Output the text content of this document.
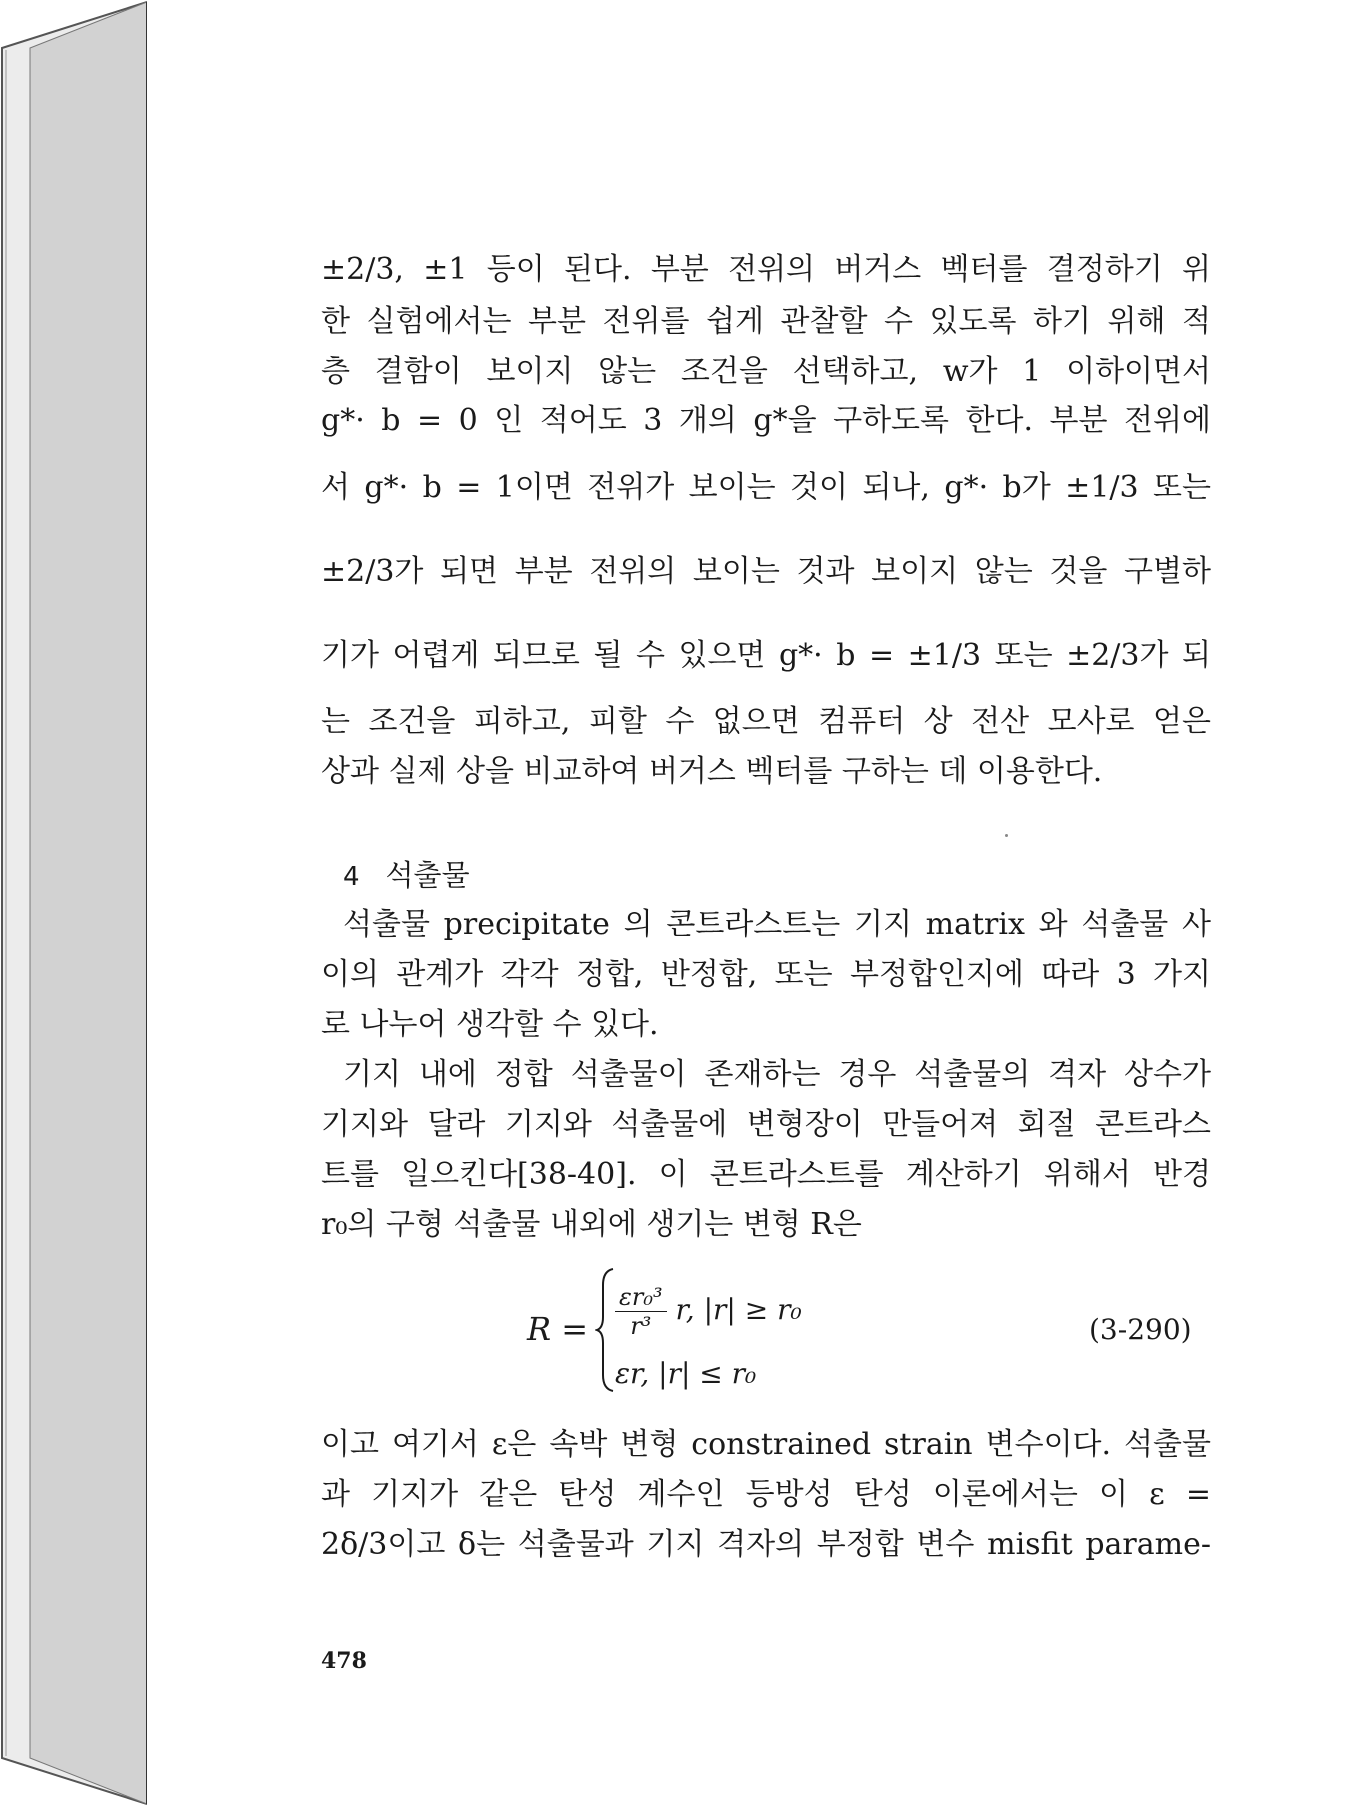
±2/3, ±1 등이 된다. 부분 전위의 버거스 벡터를 결정하기 위
한 실험에서는 부분 전위를 쉽게 관찰할 수 있도록 하기 위해 적
층 결함이 보이지 않는 조건을 선택하고, w가 1 이하이면서
g*· b = 0 인 적어도 3 개의 g*을 구하도록 한다. 부분 전위에
서 g*· b = 1이면 전위가 보이는 것이 되나, g*· b가 ±1/3 또는
±2/3가 되면 부분 전위의 보이는 것과 보이지 않는 것을 구별하
기가 어렵게 되므로 될 수 있으면 g*· b = ±1/3 또는 ±2/3가 되
는 조건을 피하고, 피할 수 없으면 컴퓨터 상 전산 모사로 얻은
상과 실제 상을 비교하여 버거스 벡터를 구하는 데 이용한다.
4 석출물
석출물 precipitate 의 콘트라스트는 기지 matrix 와 석출물 사
이의 관계가 각각 정합, 반정합, 또는 부정합인지에 따라 3 가지
로 나누어 생각할 수 있다.
기지 내에 정합 석출물이 존재하는 경우 석출물의 격자 상수가
기지와 달라 기지와 석출물에 변형장이 만들어져 회절 콘트라스
트를 일으킨다[38-40]. 이 콘트라스트를 계산하기 위해서 반경
r₀의 구형 석출물 내외에 생기는 변형 R은
$R = \frac{\text{εr₀³}}{\text{r³}} r$, |r| ≥ r₀
εr, |r| ≤ r₀
(3-290)
이고 여기서 ε은 속박 변형 constrained strain 변수이다. 석출물
과 기지가 같은 탄성 계수인 등방성 탄성 이론에서는 이 ε =
2δ/3이고 δ는 석출물과 기지 격자의 부정합 변수 misfit parame-
478
